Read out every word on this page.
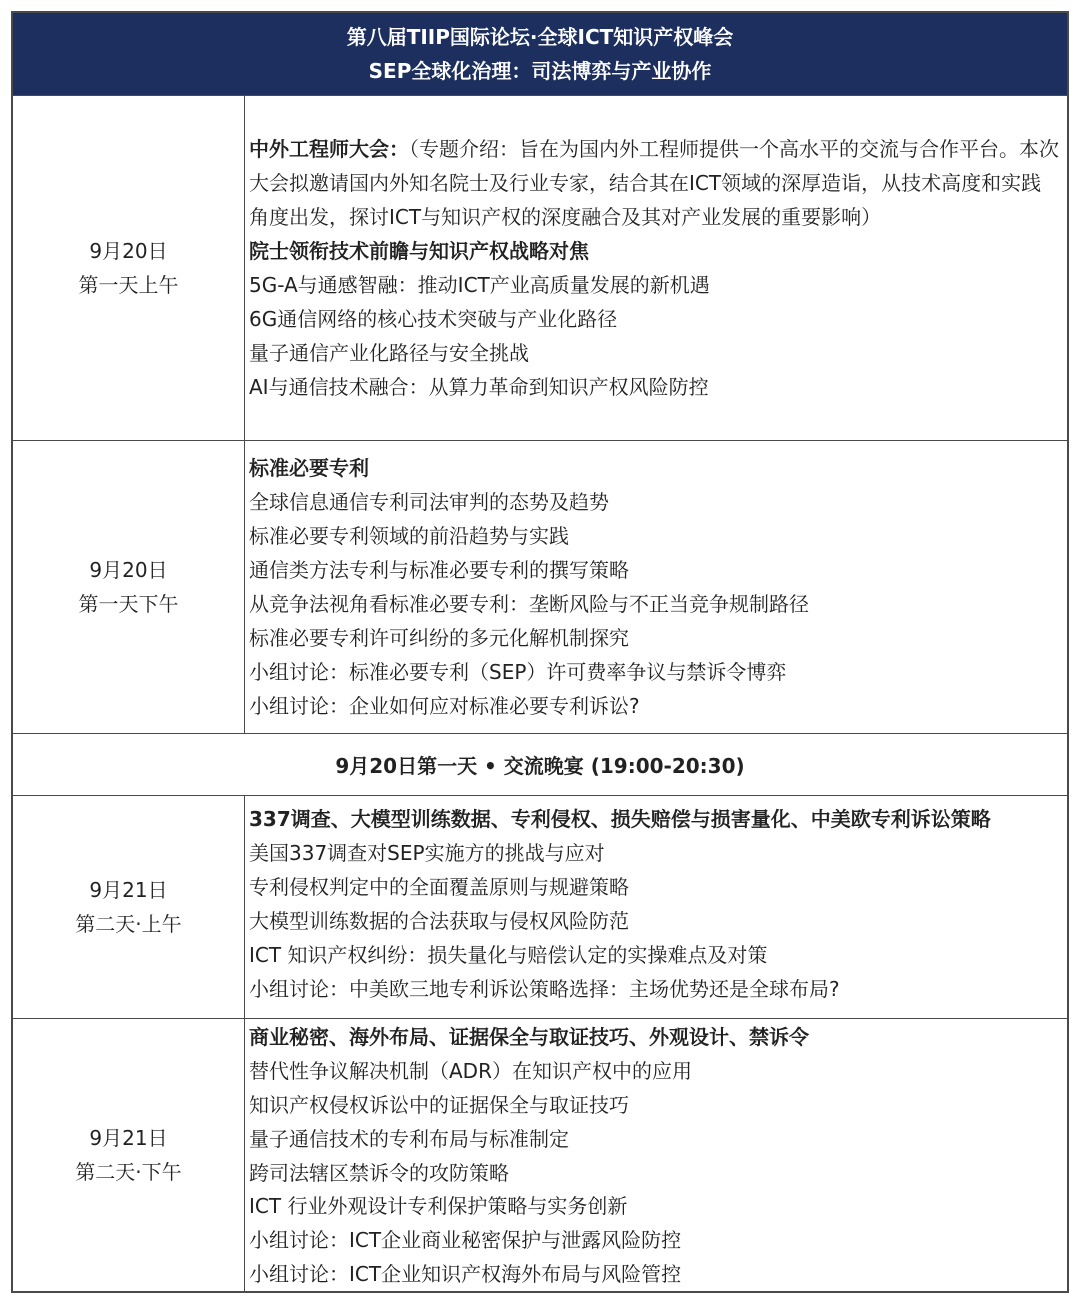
第八届TIIP国际论坛·全球ICT知识产权峰会
SEP全球化治理：司法博弈与产业协作
9月20日
第一天上午
中外工程师大会：（专题介绍：旨在为国内外工程师提供一个高水平的交流与合作平台。本次大会拟邀请国内外知名院士及行业专家，结合其在ICT领域的深厚造诣，从技术高度和实践角度出发，探讨ICT与知识产权的深度融合及其对产业发展的重要影响）
院士领衔技术前瞻与知识产权战略对焦
5G-A与通感智融：推动ICT产业高质量发展的新机遇
6G通信网络的核心技术突破与产业化路径
量子通信产业化路径与安全挑战
AI与通信技术融合：从算力革命到知识产权风险防控
9月20日
第一天下午
标准必要专利
全球信息通信专利司法审判的态势及趋势
标准必要专利领域的前沿趋势与实践
通信类方法专利与标准必要专利的撰写策略
从竞争法视角看标准必要专利：垄断风险与不正当竞争规制路径
标准必要专利许可纠纷的多元化解机制探究
小组讨论：标准必要专利（SEP）许可费率争议与禁诉令博弈
小组讨论：企业如何应对标准必要专利诉讼?
9月20日第一天 • 交流晚宴 (19:00-20:30)
9月21日
第二天·上午
337调查、大模型训练数据、专利侵权、损失赔偿与损害量化、中美欧专利诉讼策略
美国337调查对SEP实施方的挑战与应对
专利侵权判定中的全面覆盖原则与规避策略
大模型训练数据的合法获取与侵权风险防范
ICT 知识产权纠纷：损失量化与赔偿认定的实操难点及对策
小组讨论：中美欧三地专利诉讼策略选择：主场优势还是全球布局?
9月21日
第二天·下午
商业秘密、海外布局、证据保全与取证技巧、外观设计、禁诉令
替代性争议解决机制（ADR）在知识产权中的应用
知识产权侵权诉讼中的证据保全与取证技巧
量子通信技术的专利布局与标准制定
跨司法辖区禁诉令的攻防策略
ICT 行业外观设计专利保护策略与实务创新
小组讨论：ICT企业商业秘密保护与泄露风险防控
小组讨论：ICT企业知识产权海外布局与风险管控
